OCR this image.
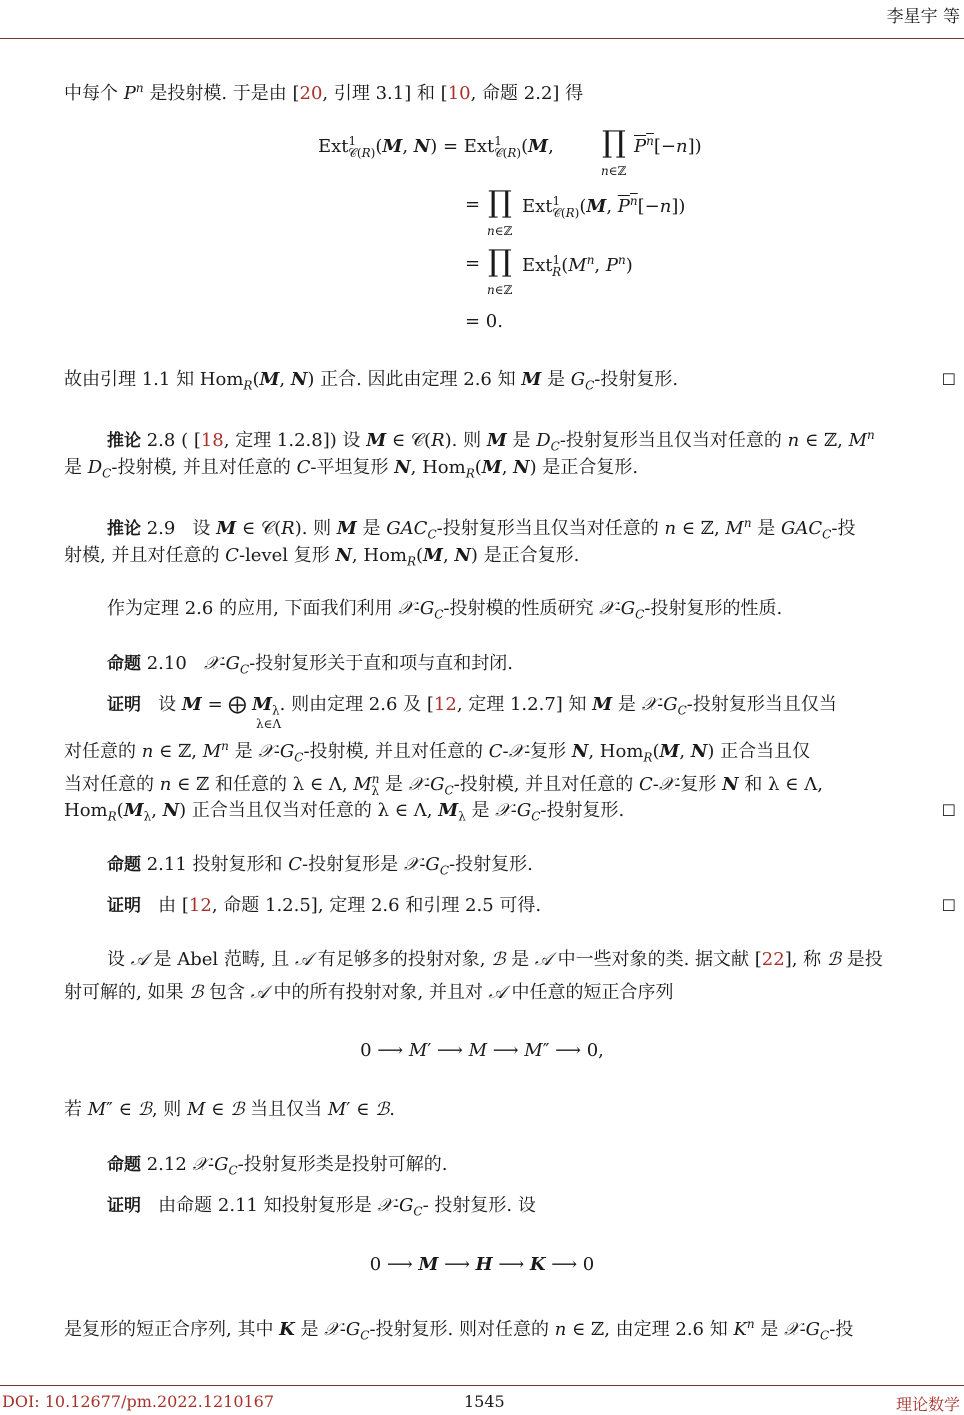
李星宇 等
中每个 $P^n$ 是投射模. 于是由 [20, 引理 3.1] 和 [10, 命题 2.2] 得
Ext$^1_{𝒞(R)}$(M, N) = Ext$^1_{𝒞(R)}$(M, ∏
n∈ℤ
$P^n[-n]$)
= ∏
n∈ℤ
Ext$^1_{𝒞(R)}$(M, $P^n[-n]$)
= ∏
n∈ℤ
$Ext^1_R(M^n$, $P^n$)
= 0.
故由引理 1.1 知 Hom$_R$(M, N) 正合. 因此由定理 2.6 知 M 是 $G_C-$投射复形.	☐
推论 2.8 ( [18, 定理 1.2.8]) 设 M ∈ 𝒞(R). 则 M 是 $D_C-$投射复形当且仅当对任意的 n ∈ ℤ, $M^n$
是 $D_C-$投射模, 并且对任意的 C-平坦复形 N, Hom$_R$(M, N) 是正合复形.
推论 2.9 设 M ∈ 𝒞(R). 则 M 是 $GAC_C-$投射复形当且仅当对任意的 n ∈ ℤ, $M^n$ 是 $GAC_C-$投
射模, 并且对任意的 C-level 复形 N, Hom$_R$(M, N) 是正合复形.
作为定理 2.6 的应用, 下面我们利用 $𝒳-G_C-$投射模的性质研究 $𝒳-G_C-$投射复形的性质.
命题 2.10 $𝒳-G_C-$投射复形关于直和项与直和封闭.
证明 设 M = ⨁ $M_\lambda$. 则由定理 2.6 及 [12, 定理 1.2.7] 知 M 是 $𝒳-G_C-$投射复形当且仅当
λ∈Λ
对任意的 n ∈ ℤ, $M^n$ 是 $𝒳-G_C-$投射模, 并且对任意的 C-𝒳-复形 N, Hom$_R$(M, N) 正合当且仅
当对任意的 n ∈ ℤ 和任意的 λ ∈ Λ, $M^n_\lambda$ 是 $𝒳-G_C-$投射模, 并且对任意的 C-𝒳-复形 N 和 λ ∈ Λ,
$Hom_R(M_\lambda$, N) 正合当且仅当对任意的 λ ∈ Λ, $M_\lambda$ 是 $𝒳-G_C-$投射复形.	☐
命题 2.11 投射复形和 C-投射复形是 $𝒳-G_C-$投射复形.
证明 由 [12, 命题 1.2.5], 定理 2.6 和引理 2.5 可得.	☐
设 𝒜 是 Abel 范畴, 且 𝒜 有足够多的投射对象, ℬ 是 𝒜 中一些对象的类. 据文献 [22], 称 ℬ 是投
射可解的, 如果 ℬ 包含 𝒜 中的所有投射对象, 并且对 𝒜 中任意的短正合序列
0 ⟶ M′ ⟶ M ⟶ M″ ⟶ 0,
若 M″ ∈ ℬ, 则 M ∈ ℬ 当且仅当 M′ ∈ ℬ.
命题 2.12 $𝒳-G_C-$投射复形类是投射可解的.
证明 由命题 2.11 知投射复形是 $𝒳-G_C-$ 投射复形. 设
0 ⟶ M ⟶ H ⟶ K ⟶ 0
是复形的短正合序列, 其中 K 是 $𝒳-G_C-$投射复形. 则对任意的 n ∈ ℤ, 由定理 2.6 知 $K^n$ 是 $𝒳-G_C-$投
DOI: 10.12677/pm.2022.1210167	1545	理论数学
